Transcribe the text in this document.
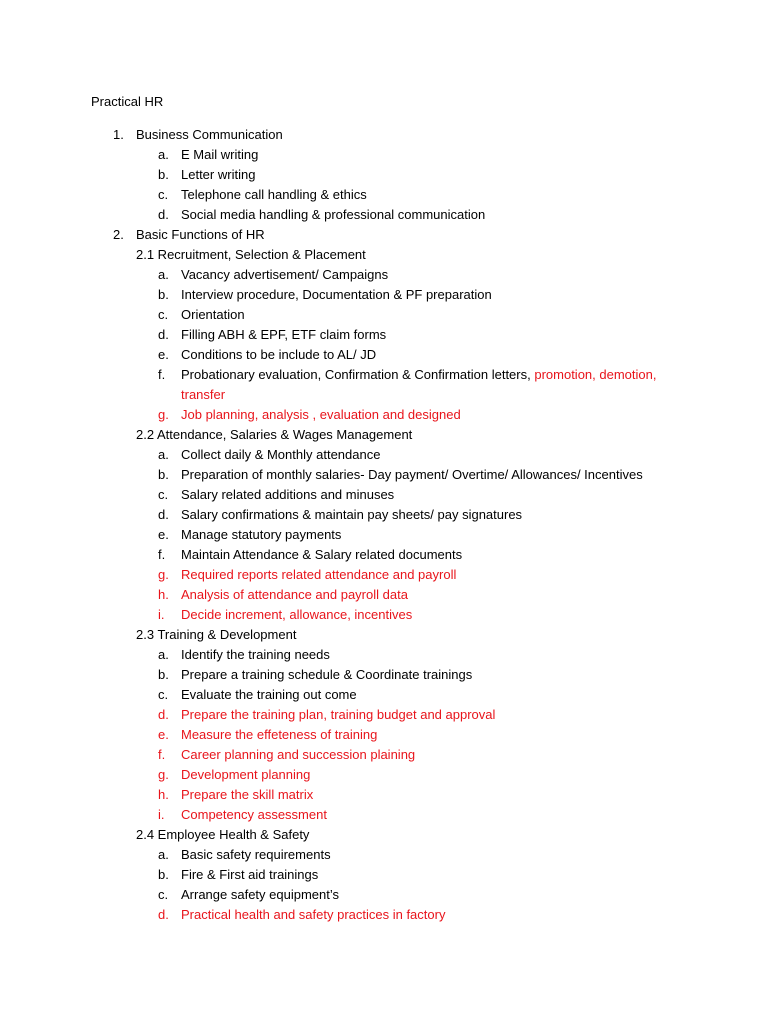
Practical HR
1. Business Communication
a. E Mail writing
b. Letter writing
c. Telephone call handling & ethics
d. Social media handling & professional communication
2. Basic Functions of HR
2.1 Recruitment, Selection & Placement
a. Vacancy advertisement/ Campaigns
b. Interview procedure, Documentation & PF preparation
c. Orientation
d. Filling ABH & EPF, ETF claim forms
e. Conditions to be include to AL/ JD
f. Probationary evaluation, Confirmation & Confirmation letters, promotion, demotion, transfer
g. Job planning, analysis , evaluation and designed
2.2 Attendance, Salaries & Wages Management
a. Collect daily & Monthly attendance
b. Preparation of monthly salaries- Day payment/ Overtime/ Allowances/ Incentives
c. Salary related additions and minuses
d. Salary confirmations & maintain pay sheets/ pay signatures
e. Manage statutory payments
f. Maintain Attendance & Salary related documents
g. Required reports related attendance and payroll
h. Analysis of attendance and payroll data
i. Decide increment, allowance, incentives
2.3 Training & Development
a. Identify the training needs
b. Prepare a training schedule & Coordinate trainings
c. Evaluate the training out come
d. Prepare the training plan, training budget and approval
e. Measure the effeteness of training
f. Career planning and succession plaining
g. Development planning
h. Prepare the skill matrix
i. Competency assessment
2.4 Employee Health & Safety
a. Basic safety requirements
b. Fire & First aid trainings
c. Arrange safety equipment’s
d. Practical health and safety practices in factory
